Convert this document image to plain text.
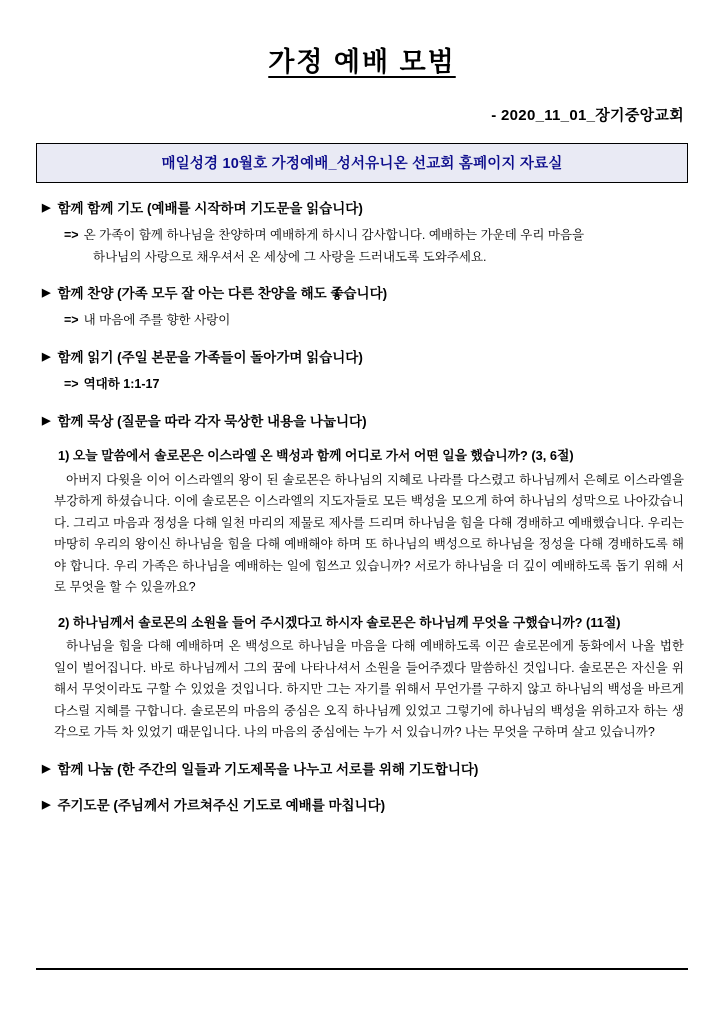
가정 예배 모범
- 2020_11_01_장기중앙교회
매일성경 10월호 가정예배_성서유니온 선교회 홈페이지 자료실
▶ 함께 함께 기도 (예배를 시작하며 기도문을 읽습니다)
=> 온 가족이 함께 하나님을 찬양하며 예배하게 하시니 감사합니다. 예배하는 가운데 우리 마음을
하나님의 사랑으로 채우셔서 온 세상에 그 사랑을 드러내도록 도와주세요.
▶ 함께 찬양 (가족 모두 잘 아는 다른 찬양을 해도 좋습니다)
=> 내 마음에 주를 향한 사랑이
▶ 함께 읽기 (주일 본문을 가족들이 돌아가며 읽습니다)
=> 역대하 1:1-17
▶ 함께 묵상 (질문을 따라 각자 묵상한 내용을 나눕니다)
1) 오늘 말씀에서 솔로몬은 이스라엘 온 백성과 함께 어디로 가서 어떤 일을 했습니까? (3, 6절)
아버지 다윗을 이어 이스라엘의 왕이 된 솔로몬은 하나님의 지혜로 나라를 다스렸고 하나님께서 은혜로 이스라엘을 부강하게 하셨습니다. 이에 솔로몬은 이스라엘의 지도자들로 모든 백성을 모으게 하여 하나님의 성막으로 나아갔습니다. 그리고 마음과 정성을 다해 일천 마리의 제물로 제사를 드리며 하나님을 힘을 다해 경배하고 예배했습니다. 우리는 마땅히 우리의 왕이신 하나님을 힘을 다해 예배해야 하며 또 하나님의 백성으로 하나님을 정성을 다해 경배하도록 해야 합니다. 우리 가족은 하나님을 예배하는 일에 힘쓰고 있습니까? 서로가 하나님을 더 깊이 예배하도록 돕기 위해 서로 무엇을 할 수 있을까요?
2) 하나님께서 솔로몬의 소원을 들어 주시겠다고 하시자 솔로몬은 하나님께 무엇을 구했습니까? (11절)
하나님을 힘을 다해 예배하며 온 백성으로 하나님을 마음을 다해 예배하도록 이끈 솔로몬에게 동화에서 나올 법한 일이 벌어집니다. 바로 하나님께서 그의 꿈에 나타나셔서 소원을 들어주겠다 말씀하신 것입니다. 솔로몬은 자신을 위해서 무엇이라도 구할 수 있었을 것입니다. 하지만 그는 자기를 위해서 무언가를 구하지 않고 하나님의 백성을 바르게 다스릴 지혜를 구합니다. 솔로몬의 마음의 중심은 오직 하나님께 있었고 그렇기에 하나님의 백성을 위하고자 하는 생각으로 가득 차 있었기 때문입니다. 나의 마음의 중심에는 누가 서 있습니까? 나는 무엇을 구하며 살고 있습니까?
▶ 함께 나눔 (한 주간의 일들과 기도제목을 나누고 서로를 위해 기도합니다)
▶ 주기도문 (주님께서 가르쳐주신 기도로 예배를 마칩니다)
